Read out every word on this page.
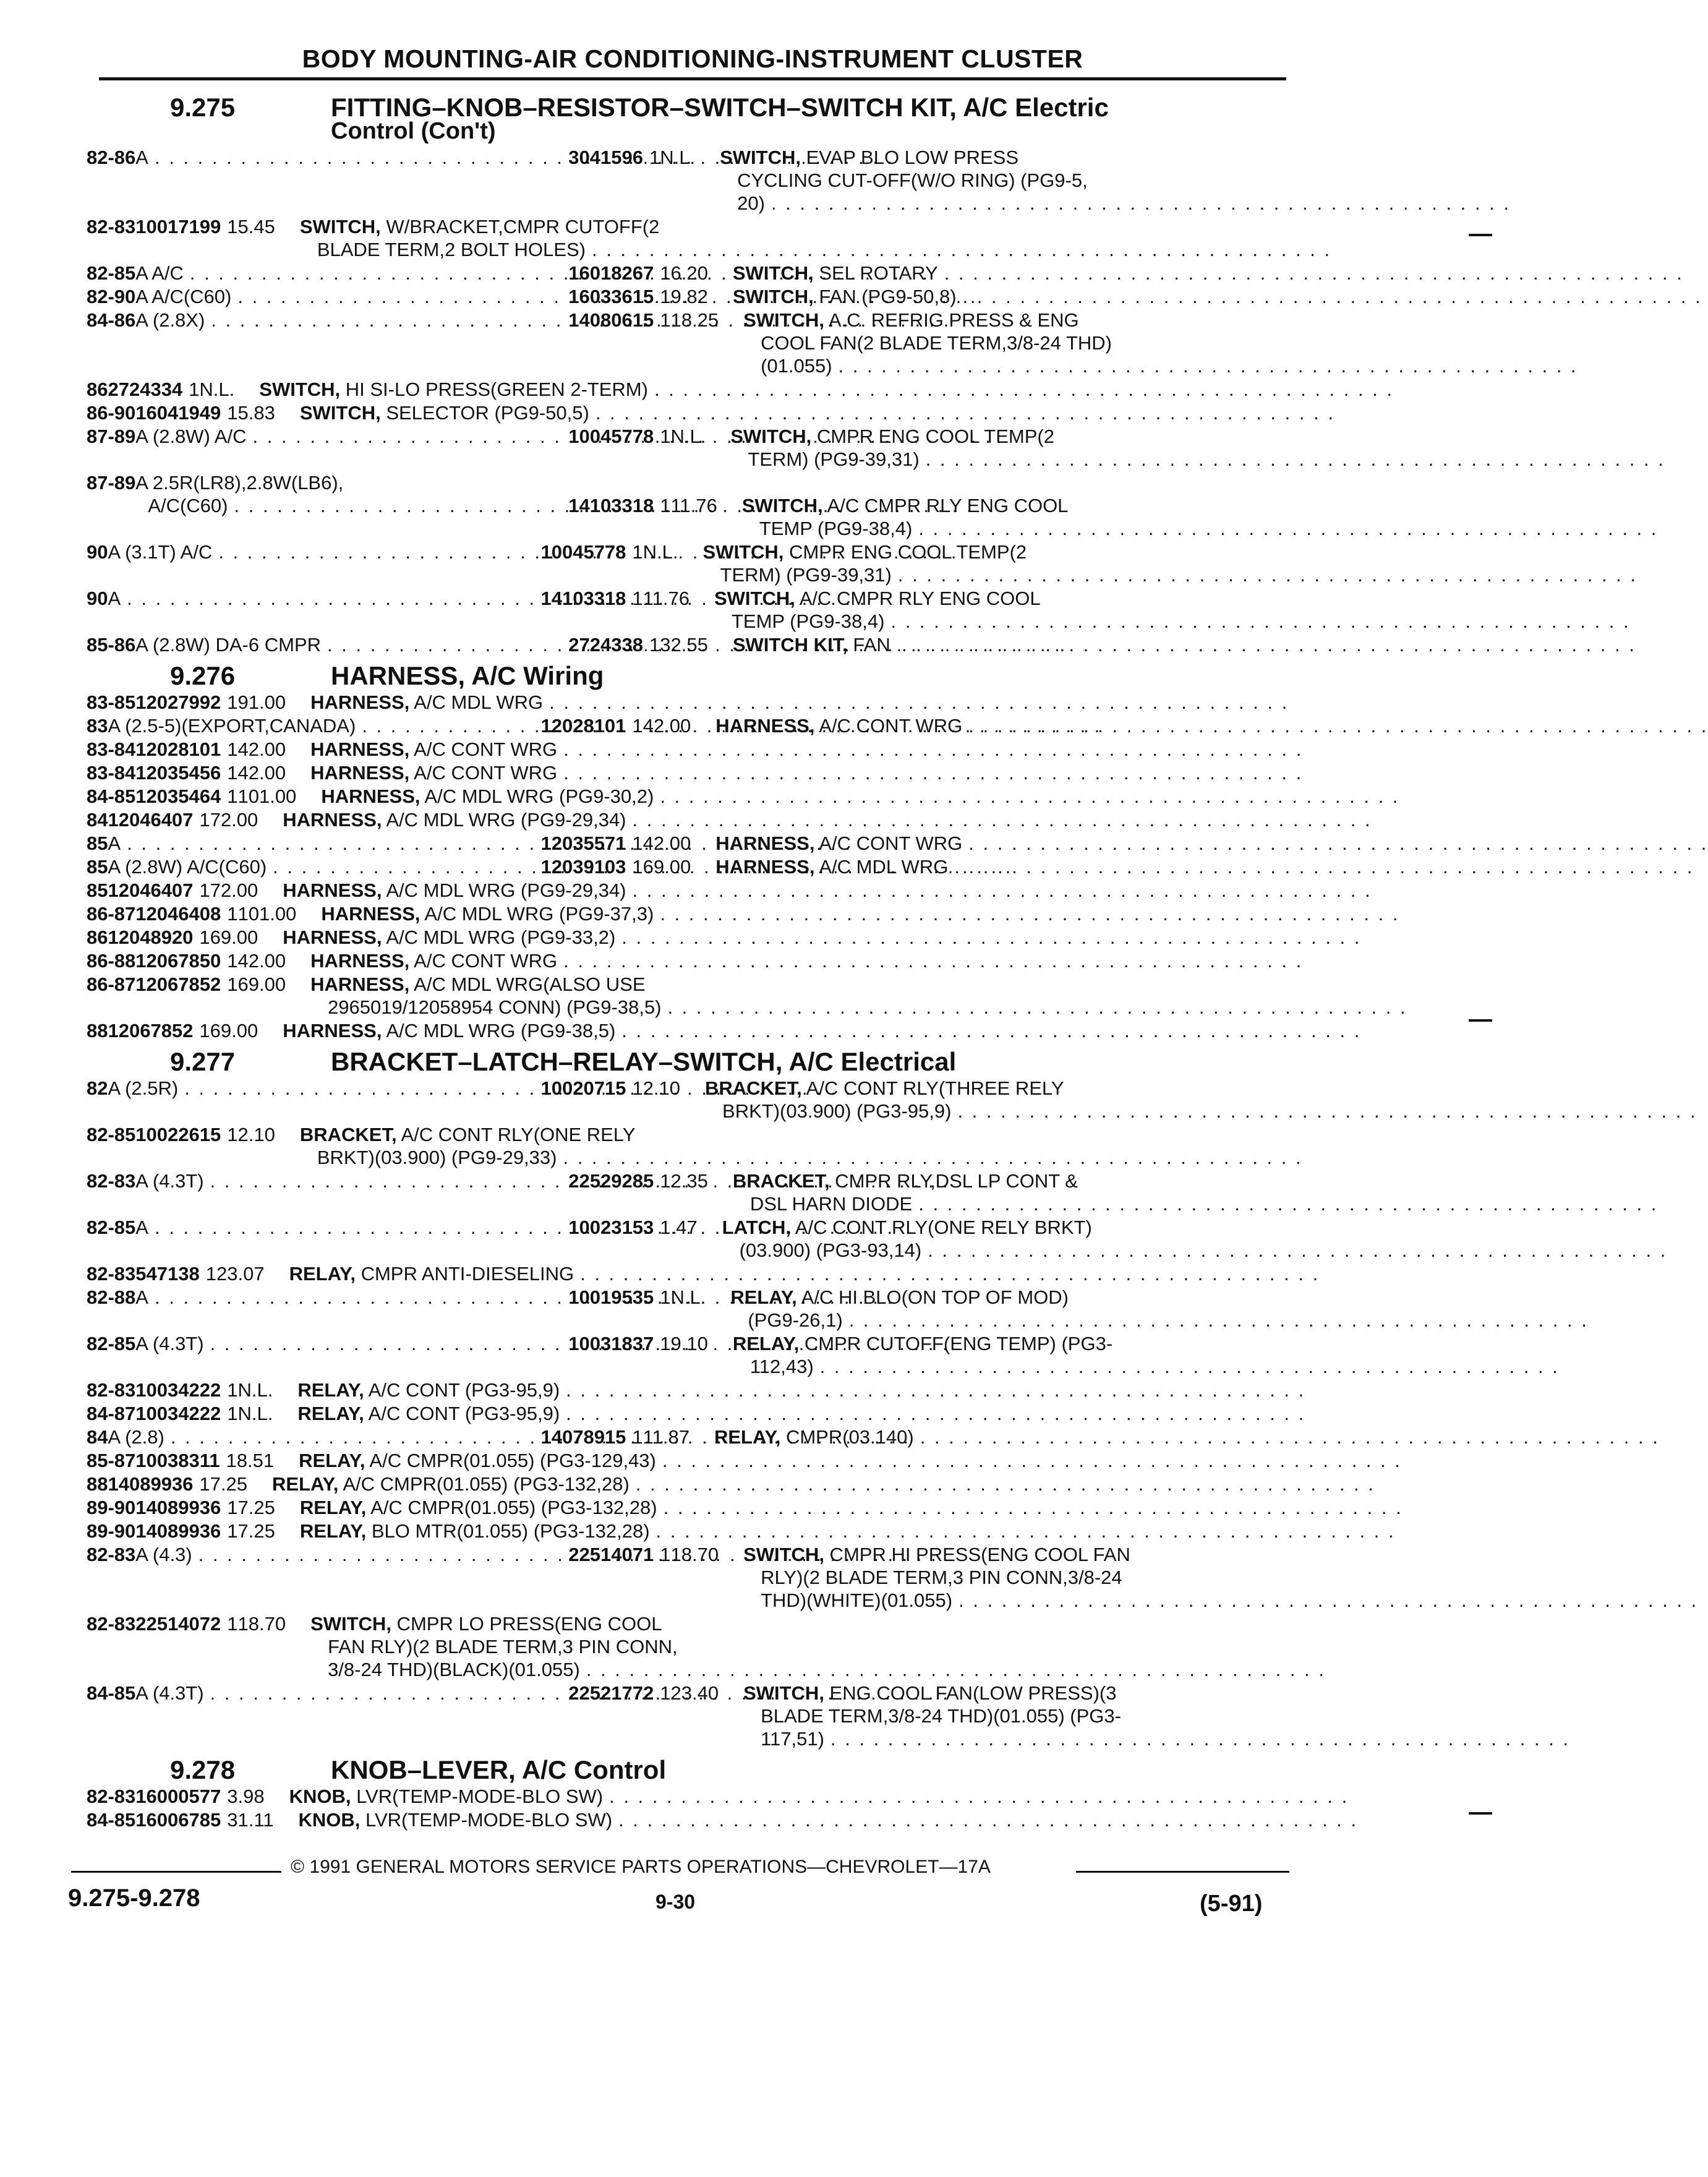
BODY MOUNTING-AIR CONDITIONING-INSTRUMENT CLUSTER
9.275	FITTING–KNOB–RESISTOR–SWITCH–SWITCH KIT, A/C Electric
Control (Con't)
82-86 A . . .	3041596 1 N.L.	SWITCH, EVAP BLO LOW PRESS
CYCLING CUT-OFF(W/O RING) (PG9-5,
20)
. . .
82-83 10017199 1 5.45	SWITCH, W/BRACKET,CMPR CUTOFF(2
BLADE TERM,2 BOLT HOLES)
. . .
82-85 A A/C . . .	16018267 1 6.20	SWITCH, SEL ROTARY
. . .
82-90 A A/C(C60) . . .	16033615 1 9.82	SWITCH, FAN (PG9-50,8)
. . .
84-86 A (2.8X) . . .	14080615 1 18.25	SWITCH, A.C. REFRIG PRESS & ENG
COOL FAN(2 BLADE TERM,3/8-24 THD)
(01.055)
. . .
86 2724334 1 N.L.	SWITCH, HI SI-LO PRESS(GREEN 2-TERM)
. . .
86-90 16041949 1 5.83	SWITCH, SELECTOR (PG9-50,5)
. . .
87-89 A (2.8W) A/C . . .	10045778 1 N.L.	SWITCH, CMPR ENG COOL TEMP(2
TERM) (PG9-39,31)
. . .
87-89 A 2.5R(LR8),2.8W(LB6),
A/C(C60) . . .	14103318 1 11.76	SWITCH, A/C CMPR RLY ENG COOL
TEMP (PG9-38,4)
. . .
90 A (3.1T) A/C . . .	10045778 1 N.L.	SWITCH, CMPR ENG COOL TEMP(2
TERM) (PG9-39,31)
. . .
90 A . . .	14103318 1 11.76	SWITCH, A/C CMPR RLY ENG COOL
TEMP (PG9-38,4)
. . .
85-86 A (2.8W) DA-6 CMPR . . .	2724338 1 32.55	SWITCH KIT, FAN
. . .
9.276	HARNESS, A/C Wiring
83-85 12027992 1 91.00	HARNESS, A/C MDL WRG
. . .
83 A (2.5-5)(EXPORT,CANADA) . . .	12028101 1 42.00	HARNESS, A/C CONT WRG
. . .
83-84 12028101 1 42.00	HARNESS, A/C CONT WRG
. . .
83-84 12035456 1 42.00	HARNESS, A/C CONT WRG
. . .
84-85 12035464 1 101.00	HARNESS, A/C MDL WRG (PG9-30,2)
. . .
84 12046407 1 72.00	HARNESS, A/C MDL WRG (PG9-29,34)
. . .
85 A . . .	12035571 1 42.00	HARNESS, A/C CONT WRG
. . .
85 A (2.8W) A/C(C60) . . .	12039103 1 69.00	HARNESS, A/C MDL WRG
. . .
85 12046407 1 72.00	HARNESS, A/C MDL WRG (PG9-29,34)
. . .
86-87 12046408 1 101.00	HARNESS, A/C MDL WRG (PG9-37,3)
. . .
86 12048920 1 69.00	HARNESS, A/C MDL WRG (PG9-33,2)
. . .
86-88 12067850 1 42.00	HARNESS, A/C CONT WRG
. . .
86-87 12067852 1 69.00	HARNESS, A/C MDL WRG(ALSO USE
2965019/12058954 CONN) (PG9-38,5)
. . .
88 12067852 1 69.00	HARNESS, A/C MDL WRG (PG9-38,5)
. . .
9.277	BRACKET–LATCH–RELAY–SWITCH, A/C Electrical
82 A (2.5R) . . .	10020715 1 2.10	BRACKET, A/C CONT RLY(THREE RELY
BRKT)(03.900) (PG3-95,9)
. . .
82-85 10022615 1 2.10	BRACKET, A/C CONT RLY(ONE RELY
BRKT)(03.900) (PG9-29,33)
. . .
82-83 A (4.3T) . . .	22529285 1 2.35	BRACKET, CMPR RLY,DSL LP CONT &
DSL HARN DIODE
. . .
82-85 A . . .	10023153 1 .47	LATCH, A/C CONT RLY(ONE RELY BRKT)
(03.900) (PG3-93,14)
. . .
82-83 547138 1 23.07	RELAY, CMPR ANTI-DIESELING
. . .
82-88 A . . .	10019535 1 N.L.	RELAY, A/C HI BLO(ON TOP OF MOD)
(PG9-26,1)
. . .
82-85 A (4.3T) . . .	10031837 1 9.10	RELAY, CMPR CUTOFF(ENG TEMP) (PG3-
112,43)
. . .
82-83 10034222 1 N.L.	RELAY, A/C CONT (PG3-95,9)
. . .
84-87 10034222 1 N.L.	RELAY, A/C CONT (PG3-95,9)
. . .
84 A (2.8) . . .	14078915 1 11.87	RELAY, CMPR(03.140)
. . .
85-87 10038311 1 8.51	RELAY, A/C CMPR(01.055) (PG3-129,43)
. . .
88 14089936 1 7.25	RELAY, A/C CMPR(01.055) (PG3-132,28)
. . .
89-90 14089936 1 7.25	RELAY, A/C CMPR(01.055) (PG3-132,28)
. . .
89-90 14089936 1 7.25	RELAY, BLO MTR(01.055) (PG3-132,28)
. . .
82-83 A (4.3) . . .	22514071 1 18.70	SWITCH, CMPR HI PRESS(ENG COOL FAN
RLY)(2 BLADE TERM,3 PIN CONN,3/8-24
THD)(WHITE)(01.055)
. . .
82-83 22514072 1 18.70	SWITCH, CMPR LO PRESS(ENG COOL
FAN RLY)(2 BLADE TERM,3 PIN CONN,
3/8-24 THD)(BLACK)(01.055)
. . .
84-85 A (4.3T) . . .	22521772 1 23.40	SWITCH, ENG COOL FAN(LOW PRESS)(3
BLADE TERM,3/8-24 THD)(01.055) (PG3-
117,51)
. . .
9.278	KNOB–LEVER, A/C Control
82-83 16000577 3 .98	KNOB, LVR(TEMP-MODE-BLO SW)
. . .
84-85 16006785 3 1.11	KNOB, LVR(TEMP-MODE-BLO SW)
. . .
© 1991 GENERAL MOTORS SERVICE PARTS OPERATIONS—CHEVROLET—17A
9.275-9.278	9-30	(5-91)
